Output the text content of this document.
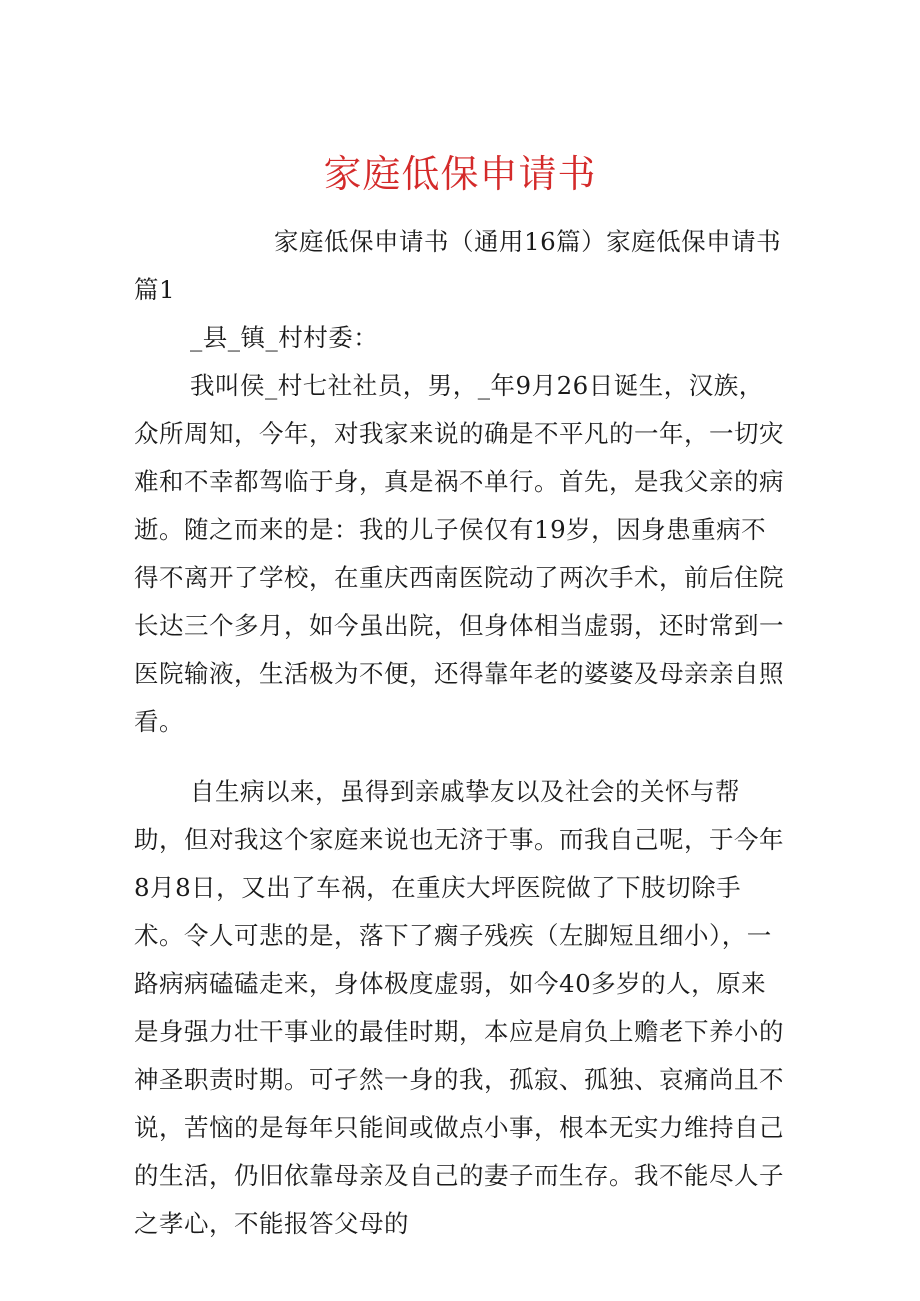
家庭低保申请书

家庭低保申请书（通用16篇）家庭低保申请书篇1

_县_镇_村村委：

我叫侯_村七社社员，男，_年9月26日诞生，汉族，众所周知，今年，对我家来说的确是不平凡的一年，一切灾难和不幸都驾临于身，真是祸不单行。首先，是我父亲的病逝。随之而来的是：我的儿子侯仅有19岁，因身患重病不得不离开了学校，在重庆西南医院动了两次手术，前后住院长达三个多月，如今虽出院，但身体相当虚弱，还时常到一医院输液，生活极为不便，还得靠年老的婆婆及母亲亲自照看。

自生病以来，虽得到亲戚挚友以及社会的关怀与帮助，但对我这个家庭来说也无济于事。而我自己呢，于今年8月8日，又出了车祸，在重庆大坪医院做了下肢切除手术。令人可悲的是，落下了瘸子残疾（左脚短且细小），一路病病磕磕走来，身体极度虚弱，如今40多岁的人，原来是身强力壮干事业的最佳时期，本应是肩负上赡老下养小的神圣职责时期。可孑然一身的我，孤寂、孤独、哀痛尚且不说，苦恼的是每年只能间或做点小事，根本无实力维持自己的生活，仍旧依靠母亲及自己的妻子而生存。我不能尽人子之孝心，不能报答父母的
